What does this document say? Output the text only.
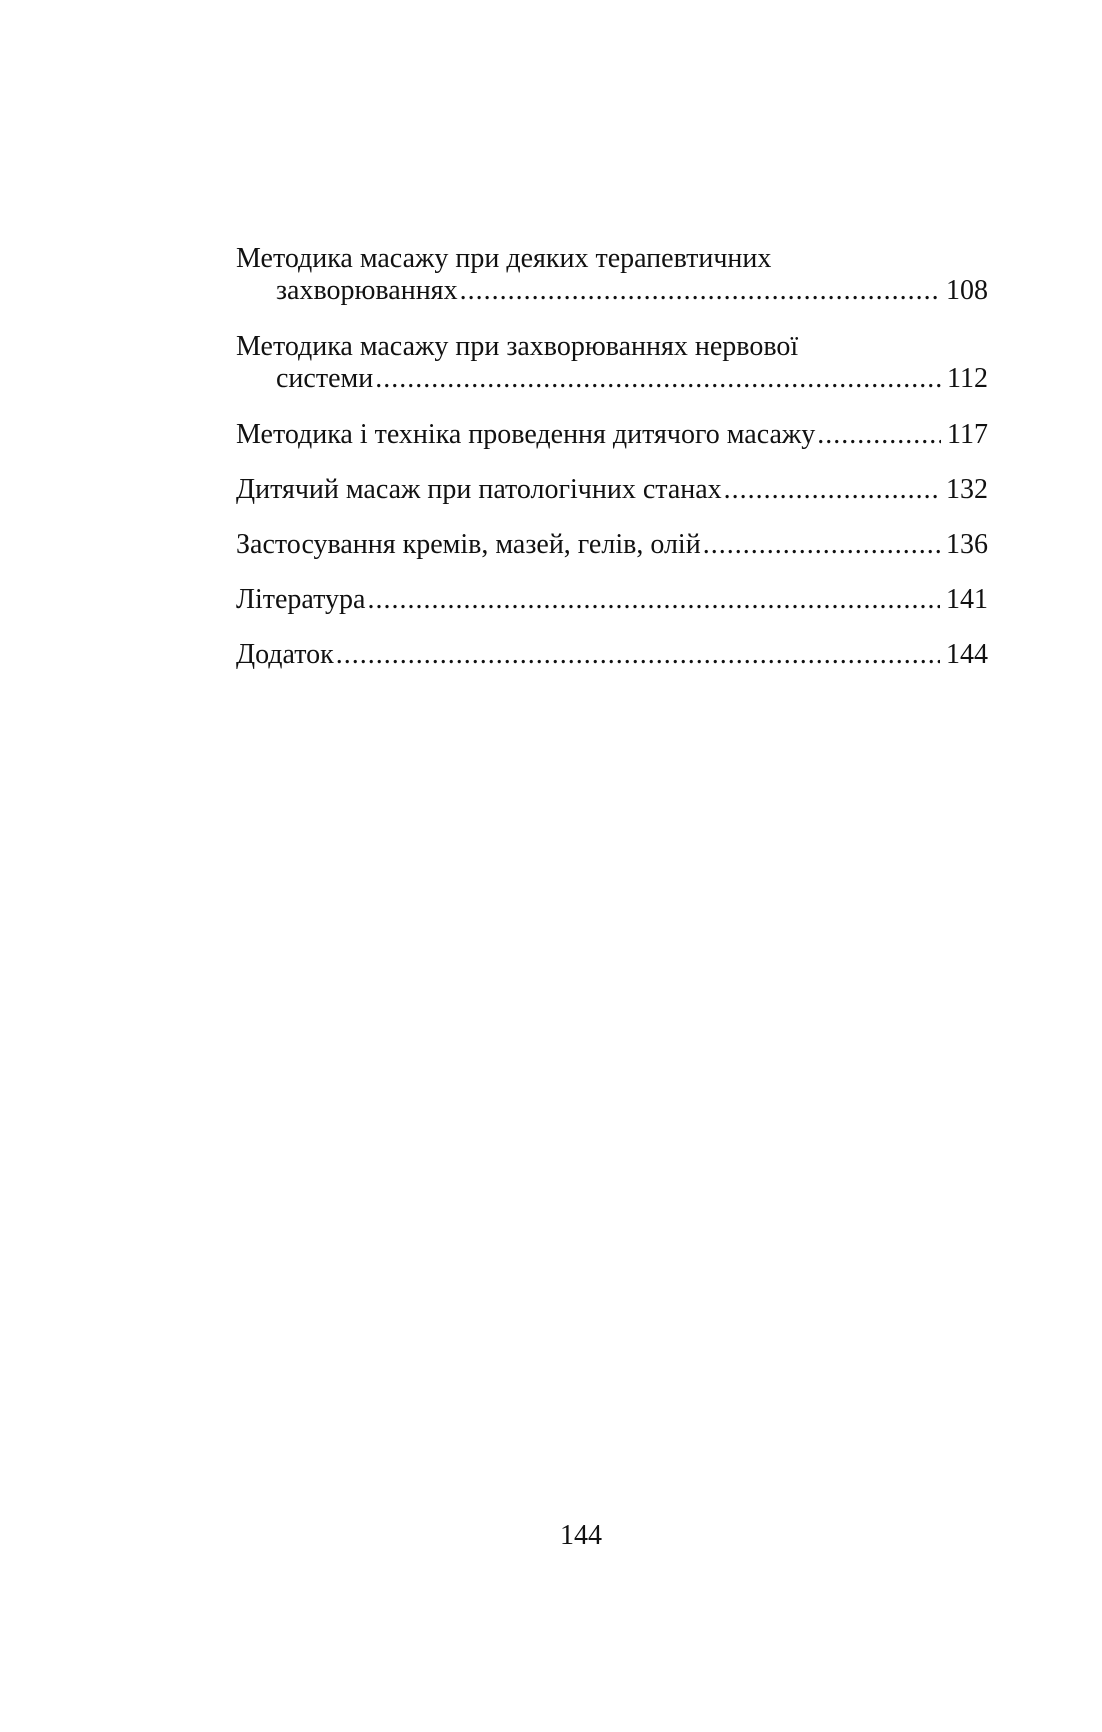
Методика масажу при деяких терапевтичних
захворюваннях .....	108
Методика масажу при захворюваннях нервової
системи .....	112
Методика і техніка проведення дитячого масажу .....	117
Дитячий масаж при патологічних станах .....	132
Застосування кремів, мазей, гелів, олій .....	136
Література .....	141
Додаток .....	144
144
